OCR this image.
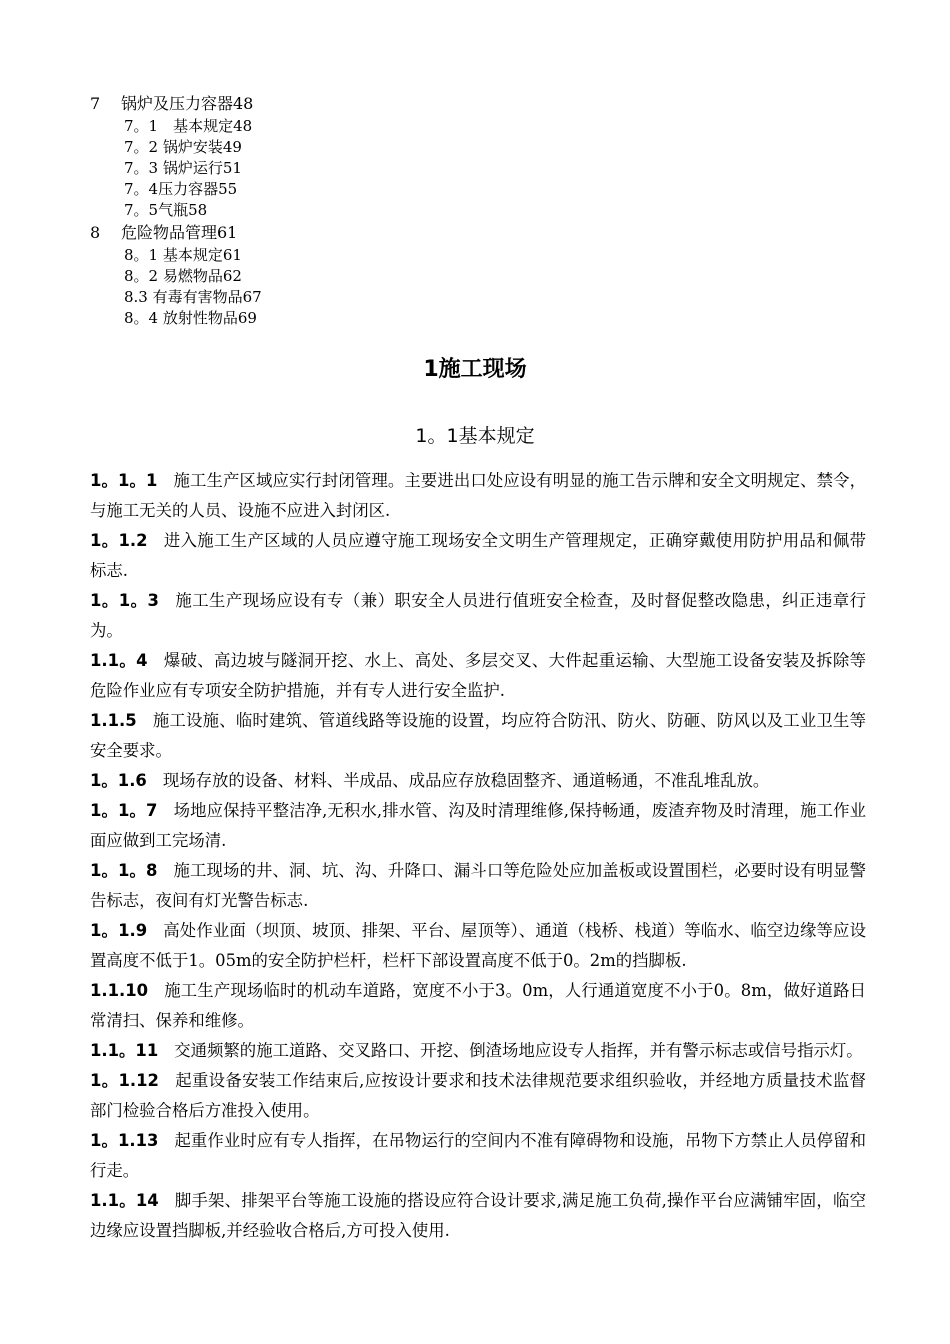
7	锅炉及压力容器48
7。1　基本规定48
7。2 锅炉安装49
7。3 锅炉运行51
7。4压力容器55
7。5气瓶58
8	危险物品管理61
8。1 基本规定61
8。2 易燃物品62
8.3 有毒有害物品67
8。4 放射性物品69
1施工现场
1。1基本规定

1。1。1 施工生产区域应实行封闭管理。主要进出口处应设有明显的施工告示牌和安全文明规定、禁令，与施工无关的人员、设施不应进入封闭区.

1。1.2 进入施工生产区域的人员应遵守施工现场安全文明生产管理规定，正确穿戴使用防护用品和佩带标志.

1。1。3 施工生产现场应设有专（兼）职安全人员进行值班安全检查，及时督促整改隐患，纠正违章行为。

1.1。4 爆破、高边坡与隧洞开挖、水上、高处、多层交叉、大件起重运输、大型施工设备安装及拆除等危险作业应有专项安全防护措施，并有专人进行安全监护.

1.1.5 施工设施、临时建筑、管道线路等设施的设置，均应符合防汛、防火、防砸、防风以及工业卫生等安全要求。

1。1.6 现场存放的设备、材料、半成品、成品应存放稳固整齐、通道畅通，不准乱堆乱放。

1。1。7 场地应保持平整洁净,无积水,排水管、沟及时清理维修,保持畅通，废渣弃物及时清理，施工作业面应做到工完场清.

1。1。8 施工现场的井、洞、坑、沟、升降口、漏斗口等危险处应加盖板或设置围栏，必要时设有明显警告标志，夜间有灯光警告标志.

1。1.9 高处作业面（坝顶、坡顶、排架、平台、屋顶等）、通道（栈桥、栈道）等临水、临空边缘等应设置高度不低于1。05m的安全防护栏杆，栏杆下部设置高度不低于0。2m的挡脚板.

1.1.10 施工生产现场临时的机动车道路，宽度不小于3。0m，人行通道宽度不小于0。8m，做好道路日常清扫、保养和维修。

1.1。11 交通频繁的施工道路、交叉路口、开挖、倒渣场地应设专人指挥，并有警示标志或信号指示灯。

1。1.12 起重设备安装工作结束后,应按设计要求和技术法律规范要求组织验收，并经地方质量技术监督部门检验合格后方准投入使用。

1。1.13 起重作业时应有专人指挥，在吊物运行的空间内不准有障碍物和设施，吊物下方禁止人员停留和行走。

1.1。14 脚手架、排架平台等施工设施的搭设应符合设计要求,满足施工负荷,操作平台应满铺牢固，临空边缘应设置挡脚板,并经验收合格后,方可投入使用.
